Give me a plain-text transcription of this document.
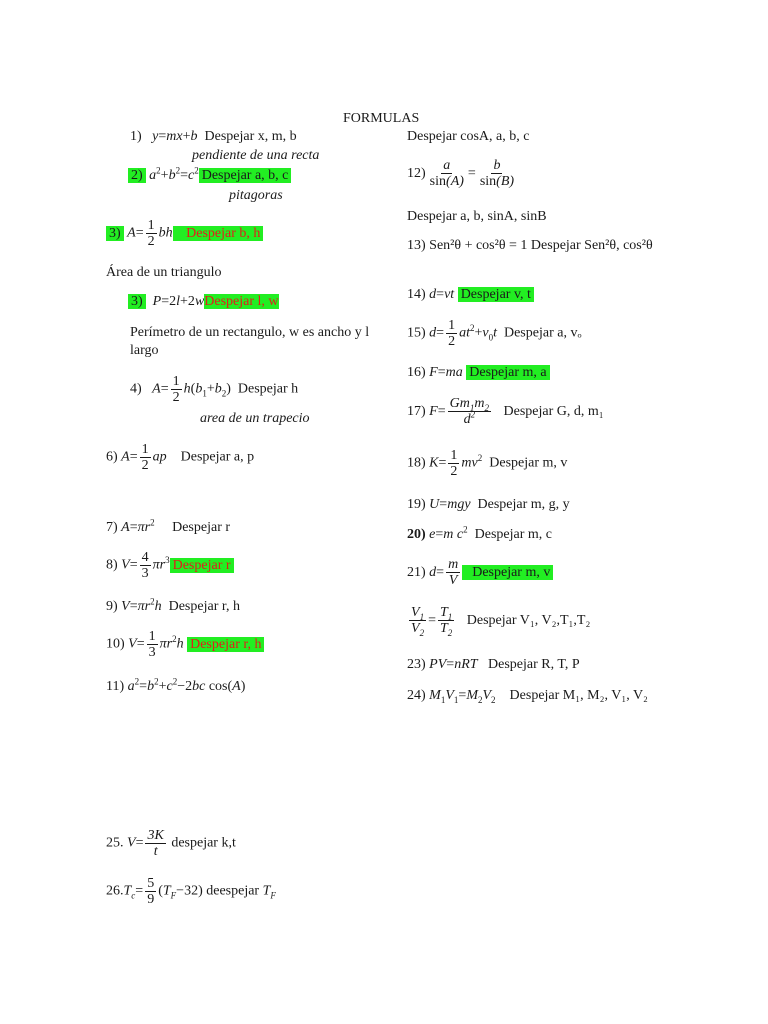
FORMULAS
1) y=mx+b Despejar x, m, b
pendiente de una recta
2) $a^2+b^2=c^2$ Despejar a, b, c
pitagoras
3) $A= \frac{1}{2}$ bh Despejar b, h
Área de un triangulo
3) P=2l+2wDespejar l, w
Perímetro de un rectangulo, w es ancho y l largo
4) $A= \frac{1}{2} h(b_1+b_2)$  Despejar h
area de un trapecio
6) $A= \frac{1}{2}$ ap Despejar a, p
7) $A=\pi r^2$ Despejar r
8) $V= \frac{4}{3} \pi r^3$ Despejar r
9) $V=\pi r^2h$ Despejar r, h
10) $V= \frac{1}{3} \pi r^2h$ Despejar r, h
11) $a^2=b^2+c^2-2bc$ cos(A)
25. $V= \frac{3K}{t}$ despejar k,t
$26.T_c= \frac{5}{9} (T_F-32)$ deespejar $T_F$
Despejar cosA, a, b, c
$12) \frac{a}{\sin(A)} = \frac{b}{\sin(B)}$
Despejar a, b, sinA, sinB
13) Sen²θ + cos²θ = 1 Despejar Sen²θ, cos²θ
14) d=vt Despejar v, t
15) $d= \frac{1}{2} at^2+v_0t$ Despejar a, vₒ
16) F=ma Despejar m, a
17) $F= \frac{Gm_1m_2}{d^2}$ Despejar G, d, m₁
18) $K= \frac{1}{2} mv^2$ Despejar m, v
19) U=mgy Despejar m, g, y
20) e=m $c^2$ Despejar m, c
21) $d= \frac{m}{V}$ Despejar m, v
$\frac{V_1}{V_2} = \frac{T_1}{T_2}$ Despejar V₁, V₂,T₁,T₂
23) PV=nRT Despejar R, T, P
24) $M_1V_1=M_2V_2$ Despejar M₁, M₂, V₁, V₂
